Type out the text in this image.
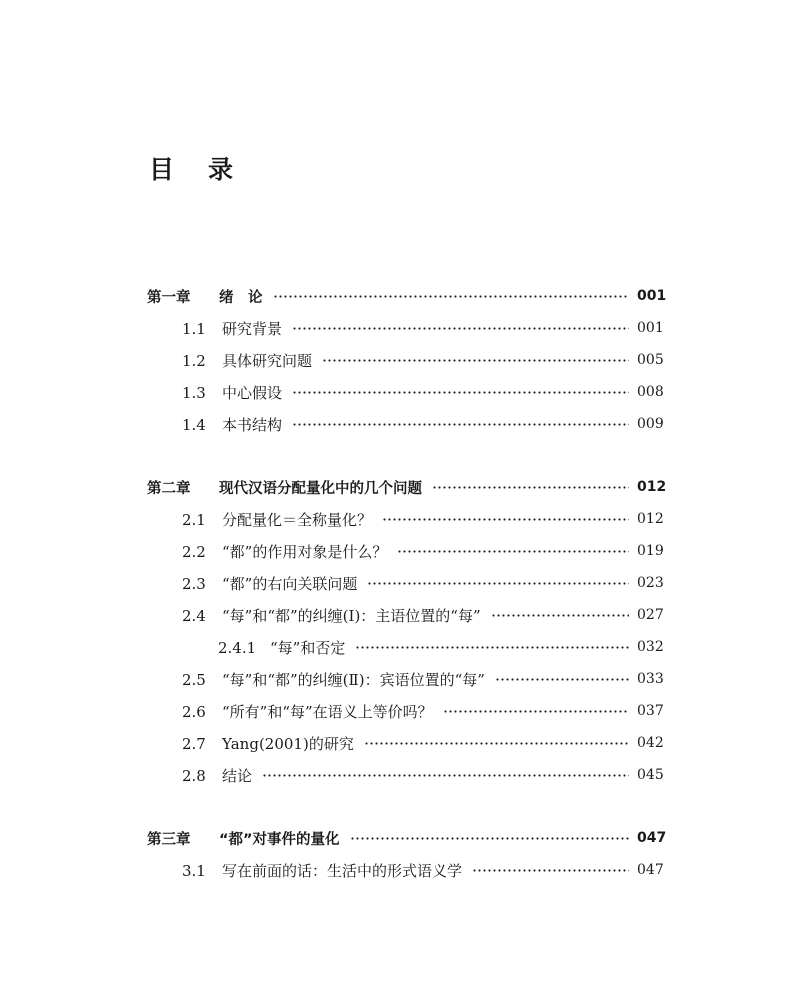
目 录
第一章 绪　论	001
1.1 研究背景	001
1.2 具体研究问题	005
1.3 中心假设	008
1.4 本书结构	009
第二章 现代汉语分配量化中的几个问题	012
2.1 分配量化＝全称量化？	012
2.2 “都”的作用对象是什么？	019
2.3 “都”的右向关联问题	023
2.4 “每”和“都”的纠缠(Ⅰ)：主语位置的“每”	027
2.4.1 “每”和否定	032
2.5 “每”和“都”的纠缠(Ⅱ)：宾语位置的“每”	033
2.6 “所有”和“每”在语义上等价吗？	037
2.7 Yang(2001)的研究	042
2.8 结论	045
第三章 “都”对事件的量化	047
3.1 写在前面的话：生活中的形式语义学	047
